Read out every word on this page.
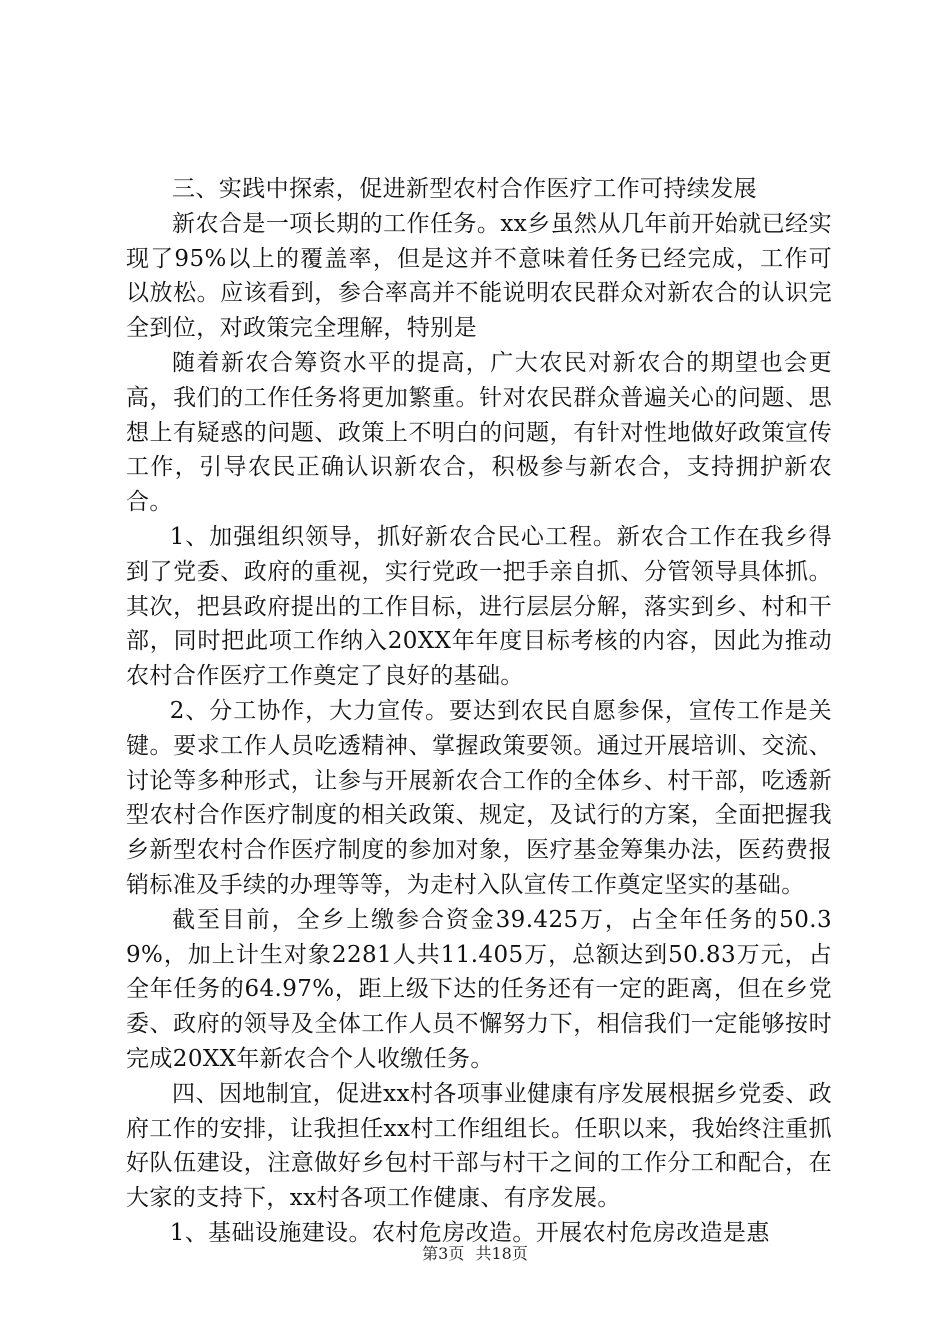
三、实践中探索，促进新型农村合作医疗工作可持续发展

新农合是一项长期的工作任务。xx乡虽然从几年前开始就已经实现了95%以上的覆盖率，但是这并不意味着任务已经完成，工作可以放松。应该看到，参合率高并不能说明农民群众对新农合的认识完全到位，对政策完全理解，特别是

随着新农合筹资水平的提高，广大农民对新农合的期望也会更高，我们的工作任务将更加繁重。针对农民群众普遍关心的问题、思想上有疑惑的问题、政策上不明白的问题，有针对性地做好政策宣传工作，引导农民正确认识新农合，积极参与新农合，支持拥护新农合。

1、加强组织领导，抓好新农合民心工程。新农合工作在我乡得到了党委、政府的重视，实行党政一把手亲自抓、分管领导具体抓。其次，把县政府提出的工作目标，进行层层分解，落实到乡、村和干部，同时把此项工作纳入20XX年年度目标考核的内容，因此为推动农村合作医疗工作奠定了良好的基础。

2、分工协作，大力宣传。要达到农民自愿参保，宣传工作是关键。要求工作人员吃透精神、掌握政策要领。通过开展培训、交流、讨论等多种形式，让参与开展新农合工作的全体乡、村干部，吃透新型农村合作医疗制度的相关政策、规定，及试行的方案，全面把握我乡新型农村合作医疗制度的参加对象，医疗基金筹集办法，医药费报销标准及手续的办理等等，为走村入队宣传工作奠定坚实的基础。

截至目前，全乡上缴参合资金39.425万，占全年任务的50.39%，加上计生对象2281人共11.405万，总额达到50.83万元，占全年任务的64.97%，距上级下达的任务还有一定的距离，但在乡党委、政府的领导及全体工作人员不懈努力下，相信我们一定能够按时完成20XX年新农合个人收缴任务。

四、因地制宜，促进xx村各项事业健康有序发展根据乡党委、政府工作的安排，让我担任xx村工作组组长。任职以来，我始终注重抓好队伍建设，注意做好乡包村干部与村干之间的工作分工和配合，在大家的支持下，xx村各项工作健康、有序发展。

1、基础设施建设。农村危房改造。开展农村危房改造是惠

第3页 共18页
